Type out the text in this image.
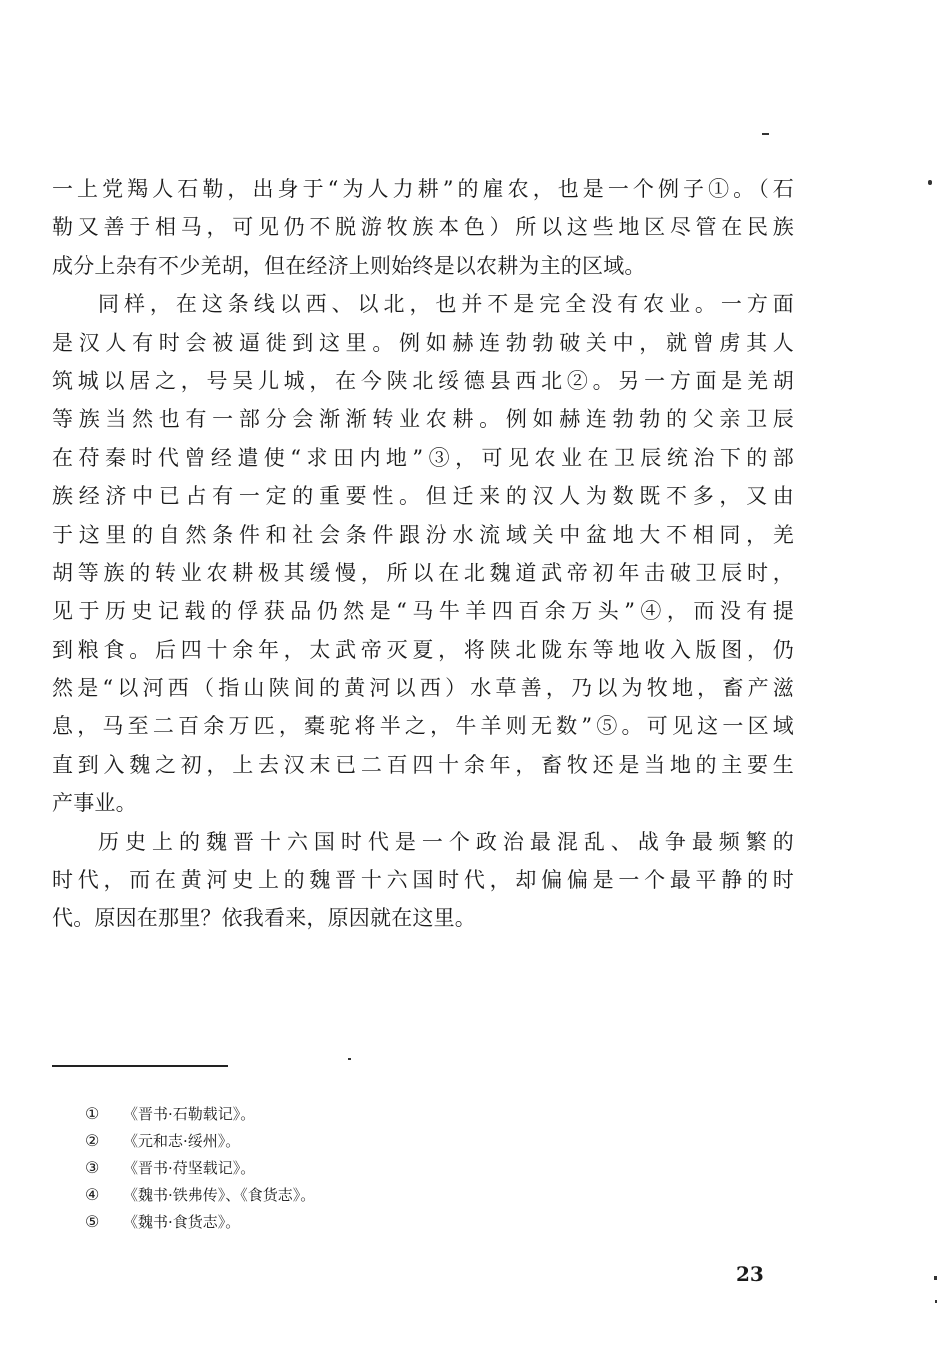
一上党羯人石勒，出身于“为人力耕”的雇农，也是一个例子①。（石
勒又善于相马，可见仍不脱游牧族本色）所以这些地区尽管在民族
成分上杂有不少羌胡，但在经济上则始终是以农耕为主的区域。
同样，在这条线以西、以北，也并不是完全没有农业。一方面
是汉人有时会被逼徙到这里。例如赫连勃勃破关中，就曾虏其人
筑城以居之，号吴儿城，在今陕北绥德县西北②。另一方面是羌胡
等族当然也有一部分会渐渐转业农耕。例如赫连勃勃的父亲卫辰
在苻秦时代曾经遣使“求田内地”③，可见农业在卫辰统治下的部
族经济中已占有一定的重要性。但迁来的汉人为数既不多，又由
于这里的自然条件和社会条件跟汾水流域关中盆地大不相同，羌
胡等族的转业农耕极其缓慢，所以在北魏道武帝初年击破卫辰时，
见于历史记载的俘获品仍然是“马牛羊四百余万头”④，而没有提
到粮食。后四十余年，太武帝灭夏，将陕北陇东等地收入版图，仍
然是“以河西（指山陕间的黄河以西）水草善，乃以为牧地，畜产滋
息，马至二百余万匹，橐驼将半之，牛羊则无数”⑤。可见这一区域
直到入魏之初，上去汉末已二百四十余年，畜牧还是当地的主要生
产事业。
历史上的魏晋十六国时代是一个政治最混乱、战争最频繁的
时代，而在黄河史上的魏晋十六国时代，却偏偏是一个最平静的时
代。原因在那里？依我看来，原因就在这里。
① 《晋书·石勒载记》。
② 《元和志·绥州》。
③ 《晋书·苻坚载记》。
④ 《魏书·铁弗传》、《食货志》。
⑤ 《魏书·食货志》。
23
